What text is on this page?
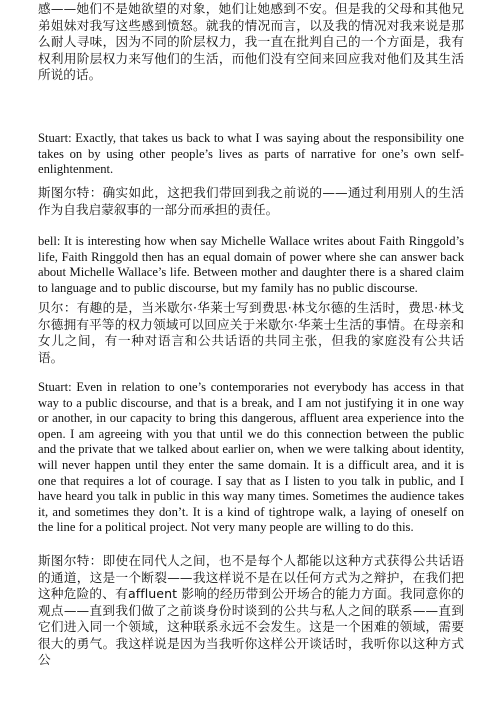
感——她们不是她欲望的对象，她们让她感到不安。但是我的父母和其他兄弟姐妹对我写这些感到愤怒。就我的情况而言，以及我的情况对我来说是那么耐人寻味，因为不同的阶层权力，我一直在批判自己的一个方面是，我有权利用阶层权力来写他们的生活，而他们没有空间来回应我对他们及其生活所说的话。

Stuart: Exactly, that takes us back to what I was saying about the responsibility one takes on by using other people’s lives as parts of narrative for one’s own self-enlightenment.

斯图尔特：确实如此，这把我们带回到我之前说的——通过利用别人的生活作为自我启蒙叙事的一部分而承担的责任。

bell: It is interesting how when say Michelle Wallace writes about Faith Ringgold’s life, Faith Ringgold then has an equal domain of power where she can answer back about Michelle Wallace’s life. Between mother and daughter there is a shared claim to language and to public discourse, but my family has no public discourse.

贝尔：有趣的是，当米歇尔·华莱士写到费思·林戈尔德的生活时，费思·林戈尔德拥有平等的权力领域可以回应关于米歇尔·华莱士生活的事情。在母亲和女儿之间，有一种对语言和公共话语的共同主张，但我的家庭没有公共话语。

Stuart: Even in relation to one’s contemporaries not everybody has access in that way to a public discourse, and that is a break, and I am not justifying it in one way or another, in our capacity to bring this dangerous, affluent area experience into the open. I am agreeing with you that until we do this connection between the public and the private that we talked about earlier on, when we were talking about identity, will never happen until they enter the same domain. It is a difficult area, and it is one that requires a lot of courage. I say that as I listen to you talk in public, and I have heard you talk in public in this way many times. Sometimes the audience takes it, and sometimes they don’t. It is a kind of tightrope walk, a laying of oneself on the line for a political project. Not very many people are willing to do this.

斯图尔特：即使在同代人之间，也不是每个人都能以这种方式获得公共话语的通道，这是一个断裂——我这样说不是在以任何方式为之辩护，在我们把这种危险的、有affluent 影响的经历带到公开场合的能力方面。我同意你的观点——直到我们做了之前谈身份时谈到的公共与私人之间的联系——直到它们进入同一个领域，这种联系永远不会发生。这是一个困难的领域，需要很大的勇气。我这样说是因为当我听你这样公开谈话时，我听你以这种方式公
